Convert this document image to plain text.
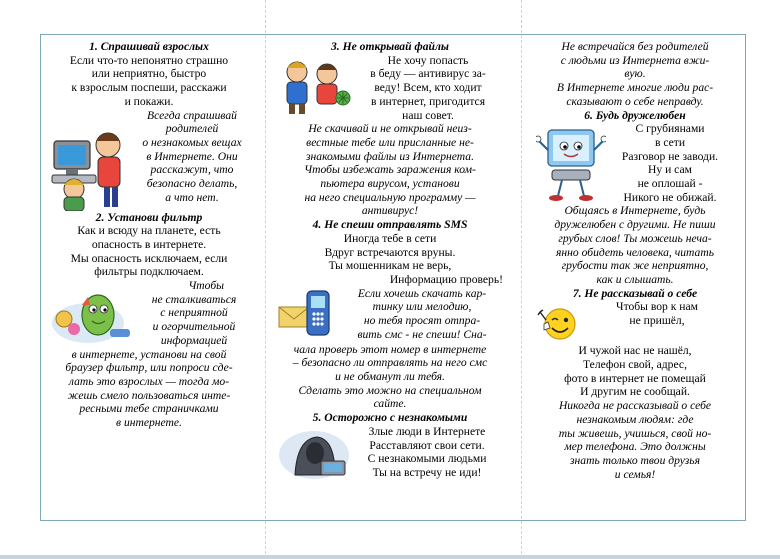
1. Спрашивай взрослых
Если что-то непонятно страшно
или неприятно, быстро
к взрослым поспеши, расскажи
и покажи.
Всегда спрашивай
родителей
о незнакомых вещах
в Интернете. Они
расскажут, что
безопасно делать,
а что нет.
2. Установи фильтр
Как и всюду на планете, есть
опасность в интернете.
Мы опасность исключаем, если
фильтры подключаем.
Чтобы
не сталкиваться
с неприятной
и огорчительной
информацией
в интернете, установи на свой
браузер фильтр, или попроси сде-
лать это взрослых — тогда мо-
жешь смело пользоваться инте-
ресными тебе страничками
в интернете.
3. Не открывай файлы
Не хочу попасть
в беду — антивирус за-
веду! Всем, кто ходит
в интернет, пригодится
наш совет.
Не скачивай и не открывай неиз-
вестные тебе или присланные не-
знакомыми файлы из Интернета.
Чтобы избежать заражения ком-
пьютера вирусом, установи
на него специальную программу —
антивирус!
4. Не спеши отправлять SMS
Иногда тебе в сети
Вдруг встречаются вруны.
Ты мошенникам не верь,
Информацию проверь!
Если хочешь скачать кар-
тинку или мелодию,
но тебя просят отпра-
вить смс - не спеши! Сна-
чала проверь этот номер в интернете
– безопасно ли отправлять на него смс
и не обманут ли тебя.
Сделать это можно на специальном
сайте.
5. Осторожно с незнакомыми
Злые люди в Интернете
Расставляют свои сети.
С незнакомыми людьми
Ты на встречу не иди!
Не встречайся без родителей
с людьми из Интернета вжи-
вую.
В Интернете многие люди рас-
сказывают о себе неправду.
6. Будь дружелюбен
С грубиянами
в сети
Разговор не заводи.
Ну и сам
не оплошай -
Никого не обижай.
Общаясь в Интернете, будь
дружелюбен с другими. Не пиши
грубых слов! Ты можешь неча-
янно обидеть человека, читать
грубости так же неприятно,
как и слышать.
7. Не рассказывай о себе
Чтобы вор к нам
не пришёл,
И чужой нас не нашёл,
Телефон свой, адрес,
фото в интернет не помещай
И другим не сообщай.
Никогда не рассказывай о себе
незнакомым людям: где
ты живешь, учишься, свой но-
мер телефона. Это должны
знать только твои друзья
и семья!
